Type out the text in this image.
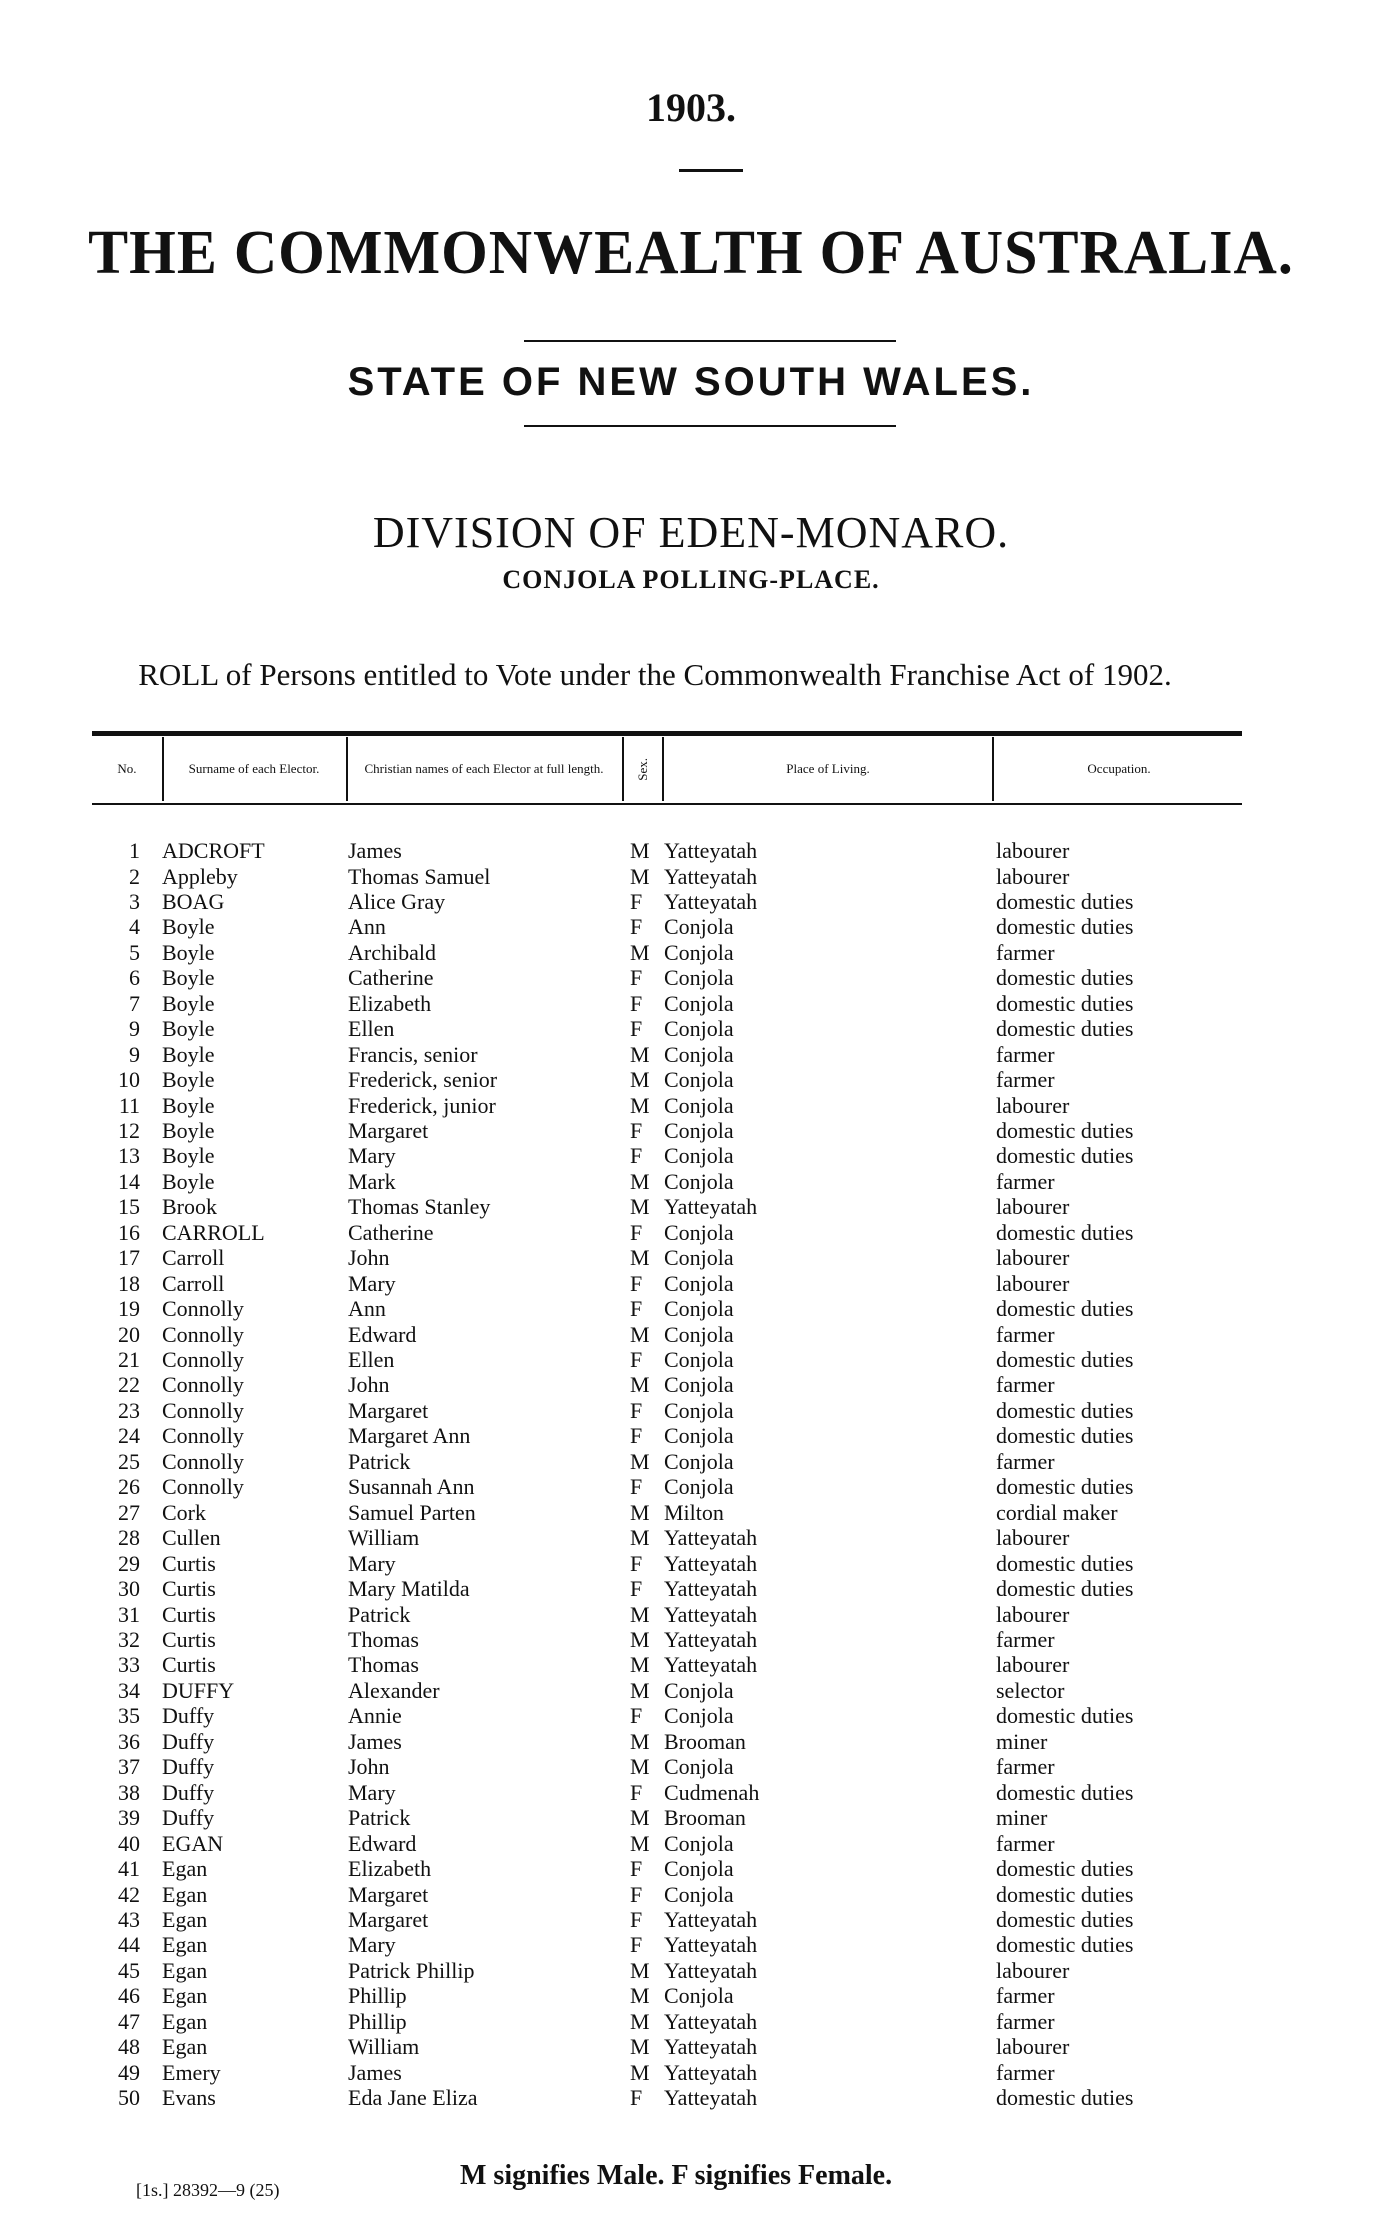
1903.
THE COMMONWEALTH OF AUSTRALIA.
STATE OF NEW SOUTH WALES.
DIVISION OF EDEN-MONARO.
CONJOLA POLLING-PLACE.
ROLL of Persons entitled to Vote under the Commonwealth Franchise Act of 1902.
No.	Surname of each Elector.	Christian names of each Elector at full length.	Sex.	Place of Living.	Occupation.
1 ADCROFT	James	M Yatteyatah	labourer
2 Appleby	Thomas Samuel	M Yatteyatah	labourer
3 BOAG	Alice Gray	F Yatteyatah	domestic duties
4 Boyle	Ann	F Conjola	domestic duties
5 Boyle	Archibald	M Conjola	farmer
6 Boyle	Catherine	F Conjola	domestic duties
7 Boyle	Elizabeth	F Conjola	domestic duties
9 Boyle	Ellen	F Conjola	domestic duties
9 Boyle	Francis, senior	M Conjola	farmer
10 Boyle	Frederick, senior	M Conjola	farmer
11 Boyle	Frederick, junior	M Conjola	labourer
12 Boyle	Margaret	F Conjola	domestic duties
13 Boyle	Mary	F Conjola	domestic duties
14 Boyle	Mark	M Conjola	farmer
15 Brook	Thomas Stanley	M Yatteyatah	labourer
16 CARROLL	Catherine	F Conjola	domestic duties
17 Carroll	John	M Conjola	labourer
18 Carroll	Mary	F Conjola	labourer
19 Connolly	Ann	F Conjola	domestic duties
20 Connolly	Edward	M Conjola	farmer
21 Connolly	Ellen	F Conjola	domestic duties
22 Connolly	John	M Conjola	farmer
23 Connolly	Margaret	F Conjola	domestic duties
24 Connolly	Margaret Ann	F Conjola	domestic duties
25 Connolly	Patrick	M Conjola	farmer
26 Connolly	Susannah Ann	F Conjola	domestic duties
27 Cork	Samuel Parten	M Milton	cordial maker
28 Cullen	William	M Yatteyatah	labourer
29 Curtis	Mary	F Yatteyatah	domestic duties
30 Curtis	Mary Matilda	F Yatteyatah	domestic duties
31 Curtis	Patrick	M Yatteyatah	labourer
32 Curtis	Thomas	M Yatteyatah	farmer
33 Curtis	Thomas	M Yatteyatah	labourer
34 DUFFY	Alexander	M Conjola	selector
35 Duffy	Annie	F Conjola	domestic duties
36 Duffy	James	M Brooman	miner
37 Duffy	John	M Conjola	farmer
38 Duffy	Mary	F Cudmenah	domestic duties
39 Duffy	Patrick	M Brooman	miner
40 EGAN	Edward	M Conjola	farmer
41 Egan	Elizabeth	F Conjola	domestic duties
42 Egan	Margaret	F Conjola	domestic duties
43 Egan	Margaret	F Yatteyatah	domestic duties
44 Egan	Mary	F Yatteyatah	domestic duties
45 Egan	Patrick Phillip	M Yatteyatah	labourer
46 Egan	Phillip	M Conjola	farmer
47 Egan	Phillip	M Yatteyatah	farmer
48 Egan	William	M Yatteyatah	labourer
49 Emery	James	M Yatteyatah	farmer
50 Evans	Eda Jane Eliza	F Yatteyatah	domestic duties
M signifies Male. F signifies Female.
[1s.] 28392—9 (25)
